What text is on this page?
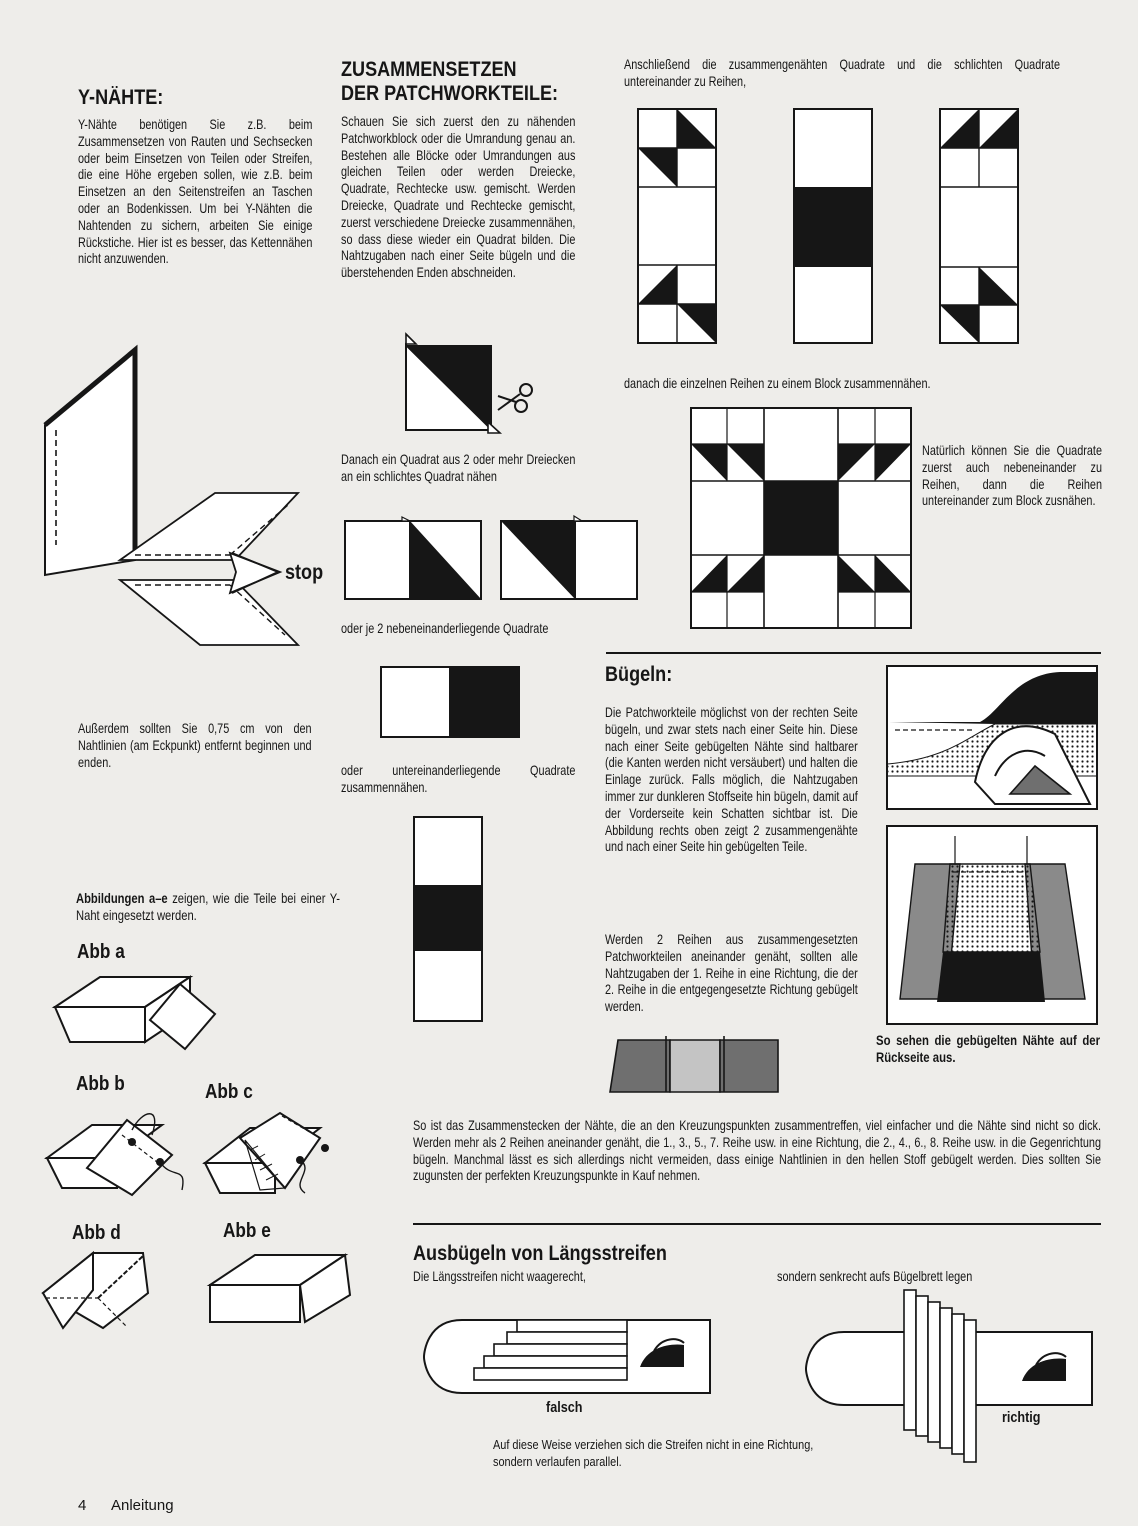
Y-NÄHTE:
Y-Nähte benötigen Sie z.B. beim Zusammensetzen von Rauten und Sechsecken oder beim Einsetzen von Teilen oder Streifen, die eine Höhe ergeben sollen, wie z.B. beim Einsetzen an den Seitenstreifen an Taschen oder an Bodenkissen. Um bei Y-Nähten die Nahtenden zu sichern, arbeiten Sie einige Rückstiche. Hier ist es besser, das Kettennähen nicht anzuwenden.
stop
Außerdem sollten Sie 0,75 cm von den Nahtlinien (am Eckpunkt) entfernt beginnen und enden.
Abbildungen a–e zeigen, wie die Teile bei einer Y-Naht eingesetzt werden.
Abb a
Abb b	Abb c
Abb d	Abb e
ZUSAMMENSETZEN
DER PATCHWORKTEILE:
Schauen Sie sich zuerst den zu nähenden Patchworkblock oder die Umrandung genau an. Bestehen alle Blöcke oder Umrandungen aus gleichen Teilen oder werden Dreiecke, Quadrate, Rechtecke usw. gemischt. Werden Dreiecke, Quadrate und Rechtecke gemischt, zuerst verschiedene Dreiecke zusammennähen, so dass diese wieder ein Quadrat bilden. Die Nahtzugaben nach einer Seite bügeln und die überstehenden Enden abschneiden.
Danach ein Quadrat aus 2 oder mehr Dreiecken an ein schlichtes Quadrat nähen
oder je 2 nebeneinanderliegende Quadrate
oder untereinanderliegende Quadrate zusammennähen.
Anschließend die zusammengenähten Quadrate und die schlichten Quadrate untereinander zu Reihen,
danach die einzelnen Reihen zu einem Block zusammennähen.
Natürlich können Sie die Quadrate zuerst auch nebeneinander zu Reihen, dann die Reihen untereinander zum Block zusnähen.
Bügeln:
Die Patchworkteile möglichst von der rechten Seite bügeln, und zwar stets nach einer Seite hin. Diese nach einer Seite gebügelten Nähte sind haltbarer (die Kanten werden nicht versäubert) und halten die Einlage zurück. Falls möglich, die Nahtzugaben immer zur dunkleren Stoffseite hin bügeln, damit auf der Vorderseite kein Schatten sichtbar ist. Die Abbildung rechts oben zeigt 2 zusammengenähte und nach einer Seite hin gebügelten Teile.
Werden 2 Reihen aus zusammengesetzten Patchworkteilen aneinander genäht, sollten alle Nahtzugaben der 1. Reihe in eine Richtung, die der 2. Reihe in die entgegengesetzte Richtung gebügelt werden.
So sehen die gebügelten Nähte auf der Rückseite aus.
So ist das Zusammenstecken der Nähte, die an den Kreuzungspunkten zusammentreffen, viel einfacher und die Nähte sind nicht so dick. Werden mehr als 2 Reihen aneinander genäht, die 1., 3., 5., 7. Reihe usw. in eine Richtung, die 2., 4., 6., 8. Reihe usw. in die Gegenrichtung bügeln. Manchmal lässt es sich allerdings nicht vermeiden, dass einige Nahtlinien in den hellen Stoff gebügelt werden. Dies sollten Sie zugunsten der perfekten Kreuzungspunkte in Kauf nehmen.
Ausbügeln von Längsstreifen
Die Längsstreifen nicht waagerecht,	sondern senkrecht aufs Bügelbrett legen
falsch
richtig
Auf diese Weise verziehen sich die Streifen nicht in eine Richtung,
sondern verlaufen parallel.
4 Anleitung
